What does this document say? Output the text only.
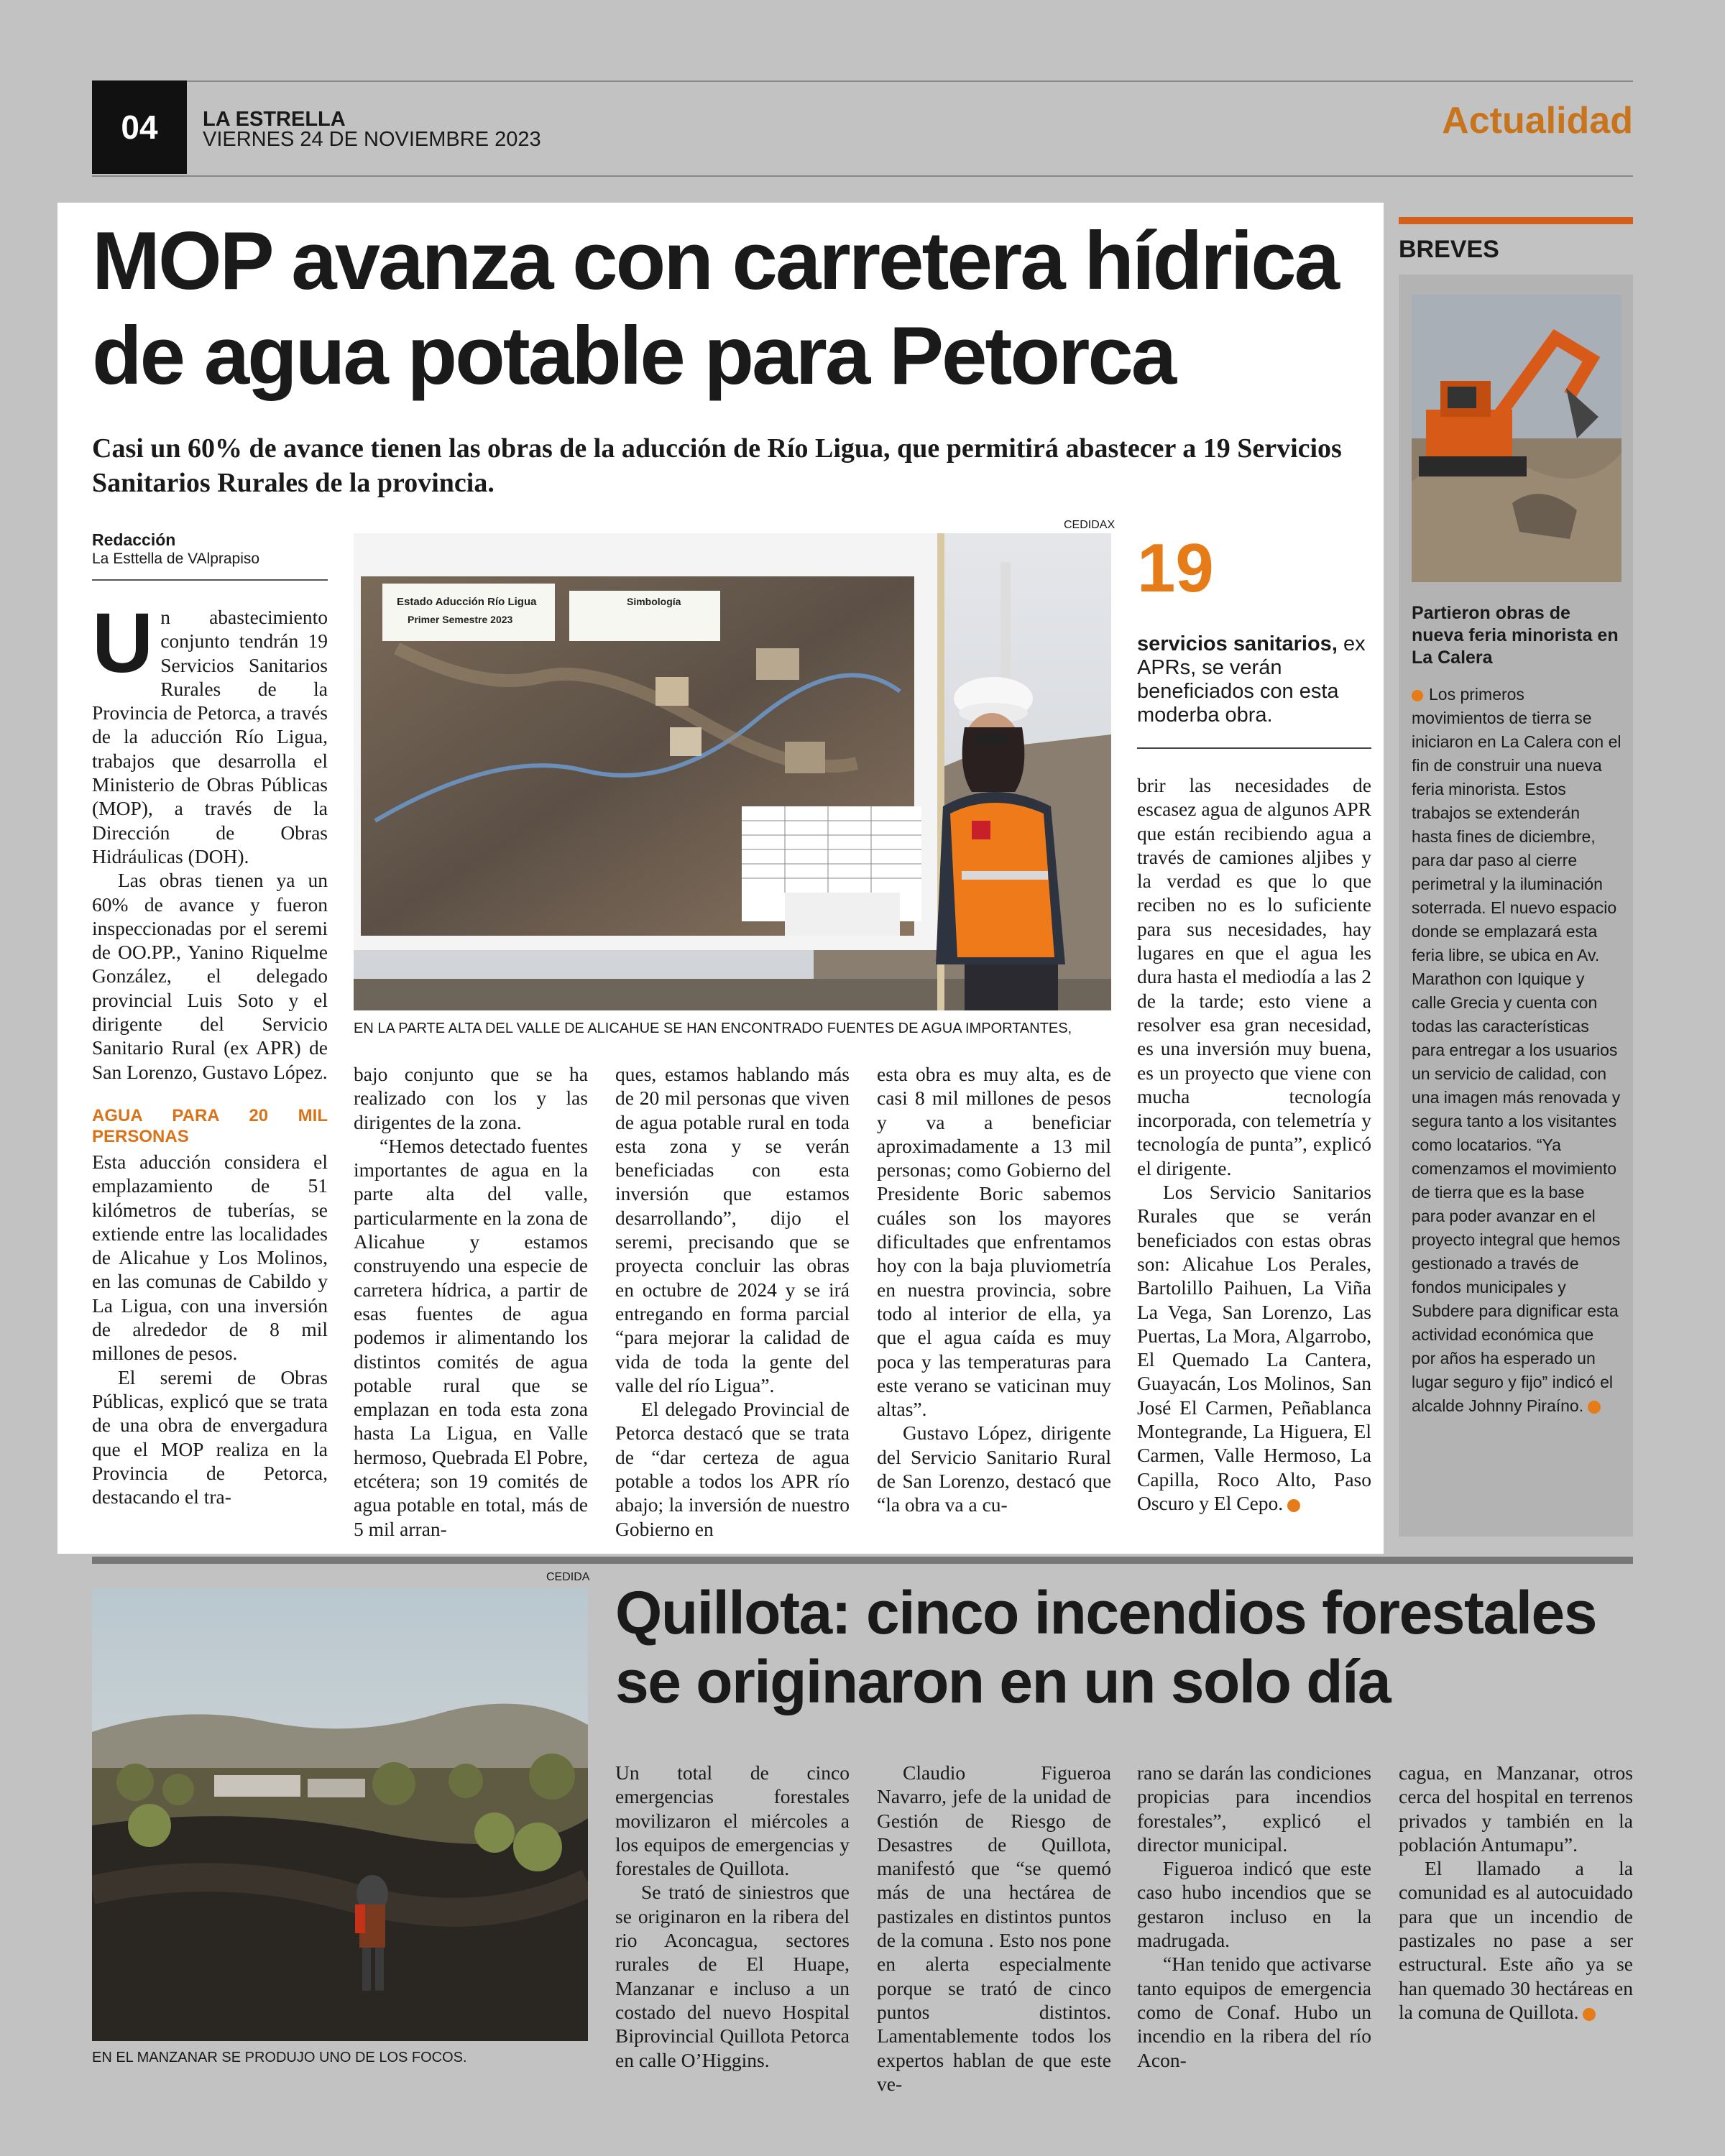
04	LA ESTRELLA
VIERNES 24 DE NOVIEMBRE 2023	Actualidad
MOP avanza con carretera hídrica de agua potable para Petorca
Casi un 60% de avance tienen las obras de la aducción de Río Ligua, que permitirá abastecer a 19 Servicios Sanitarios Rurales de la provincia.
Redacción
La Esttella de VAlprapiso
U n abastecimiento conjunto tendrán 19 Servicios Sanitarios Rurales de la Provincia de Petorca, a través de la aducción Río Ligua, trabajos que desarrolla el Ministerio de Obras Públicas (MOP), a través de la Dirección de Obras Hidráulicas (DOH).

Las obras tienen ya un 60% de avance y fueron inspeccionadas por el seremi de OO.PP., Yanino Riquelme González, el delegado provincial Luis Soto y el dirigente del Servicio Sanitario Rural (ex APR) de San Lorenzo, Gustavo López.

AGUA PARA 20 MIL PERSONAS

Esta aducción considera el emplazamiento de 51 kilómetros de tuberías, se extiende entre las localidades de Alicahue y Los Molinos, en las comunas de Cabildo y La Ligua, con una inversión de alrededor de 8 mil millones de pesos.

El seremi de Obras Públicas, explicó que se trata de una obra de envergadura que el MOP realiza en la Provincia de Petorca, destacando el tra-

CEDIDAX
Estado Aducción Río Ligua
Primer Semestre 2023
Simbología
EN LA PARTE ALTA DEL VALLE DE ALICAHUE SE HAN ENCONTRADO FUENTES DE AGUA IMPORTANTES,

bajo conjunto que se ha realizado con los y las dirigentes de la zona.

“Hemos detectado fuentes importantes de agua en la parte alta del valle, particularmente en la zona de Alicahue y estamos construyendo una especie de carretera hídrica, a partir de esas fuentes de agua podemos ir alimentando los distintos comités de agua potable rural que se emplazan en toda esta zona hasta La Ligua, en Valle hermoso, Quebrada El Pobre, etcétera; son 19 comités de agua potable en total, más de 5 mil arran-

ques, estamos hablando más de 20 mil personas que viven de agua potable rural en toda esta zona y se verán beneficiadas con esta inversión que estamos desarrollando”, dijo el seremi, precisando que se proyecta concluir las obras en octubre de 2024 y se irá entregando en forma parcial “para mejorar la calidad de vida de toda la gente del valle del río Ligua”.

El delegado Provincial de Petorca destacó que se trata de “dar certeza de agua potable a todos los APR río abajo; la inversión de nuestro Gobierno en

esta obra es muy alta, es de casi 8 mil millones de pesos y va a beneficiar aproximadamente a 13 mil personas; como Gobierno del Presidente Boric sabemos cuáles son los mayores dificultades que enfrentamos hoy con la baja pluviometría en nuestra provincia, sobre todo al interior de ella, ya que el agua caída es muy poca y las temperaturas para este verano se vaticinan muy altas”.

Gustavo López, dirigente del Servicio Sanitario Rural de San Lorenzo, destacó que “la obra va a cu-

19
servicios sanitarios, ex APRs, se verán beneficiados con esta moderba obra.

brir las necesidades de escasez agua de algunos APR que están recibiendo agua a través de camiones aljibes y la verdad es que lo que reciben no es lo suficiente para sus necesidades, hay lugares en que el agua les dura hasta el mediodía a las 2 de la tarde; esto viene a resolver esa gran necesidad, es una inversión muy buena, es un proyecto que viene con mucha tecnología incorporada, con telemetría y tecnología de punta”, explicó el dirigente.

Los Servicio Sanitarios Rurales que se verán beneficiados con estas obras son: Alicahue Los Perales, Bartolillo Paihuen, La Viña La Vega, San Lorenzo, Las Puertas, La Mora, Algarrobo, El Quemado La Cantera, Guayacán, Los Molinos, San José El Carmen, Peñablanca Montegrande, La Higuera, El Carmen, Valle Hermoso, La Capilla, Roco Alto, Paso Oscuro y El Cepo.

BREVES
Partieron obras de nueva feria minorista en La Calera
Los primeros movimientos de tierra se iniciaron en La Calera con el fin de construir una nueva feria minorista. Estos trabajos se extenderán hasta fines de diciembre, para dar paso al cierre perimetral y la iluminación soterrada. El nuevo espacio donde se emplazará esta feria libre, se ubica en Av. Marathon con Iquique y calle Grecia y cuenta con todas las características para entregar a los usuarios un servicio de calidad, con una imagen más renovada y segura tanto a los visitantes como locatarios. “Ya comenzamos el movimiento de tierra que es la base para poder avanzar en el proyecto integral que hemos gestionado a través de fondos municipales y Subdere para dignificar esta actividad económica que por años ha esperado un lugar seguro y fijo” indicó el alcalde Johnny Piraíno.
CEDIDA
EN EL MANZANAR SE PRODUJO UNO DE LOS FOCOS.
Quillota: cinco incendios forestales se originaron en un solo día

Un total de cinco emergencias forestales movilizaron el miércoles a los equipos de emergencias y forestales de Quillota.

Se trató de siniestros que se originaron en la ribera del rio Aconcagua, sectores rurales de El Huape, Manzanar e incluso a un costado del nuevo Hospital Biprovincial Quillota Petorca en calle O’Higgins.

Claudio Figueroa Navarro, jefe de la unidad de Gestión de Riesgo de Desastres de Quillota, manifestó que “se quemó más de una hectárea de pastizales en distintos puntos de la comuna . Esto nos pone en alerta especialmente porque se trató de cinco puntos distintos. Lamentablemente todos los expertos hablan de que este ve-

rano se darán las condiciones propicias para incendios forestales”, explicó el director municipal.

Figueroa indicó que este caso hubo incendios que se gestaron incluso en la madrugada.

“Han tenido que activarse tanto equipos de emergencia como de Conaf. Hubo un incendio en la ribera del río Acon-

cagua, en Manzanar, otros cerca del hospital en terrenos privados y también en la población Antumapu”.

El llamado a la comunidad es al autocuidado para que un incendio de pastizales no pase a ser estructural. Este año ya se han quemado 30 hectáreas en la comuna de Quillota.
